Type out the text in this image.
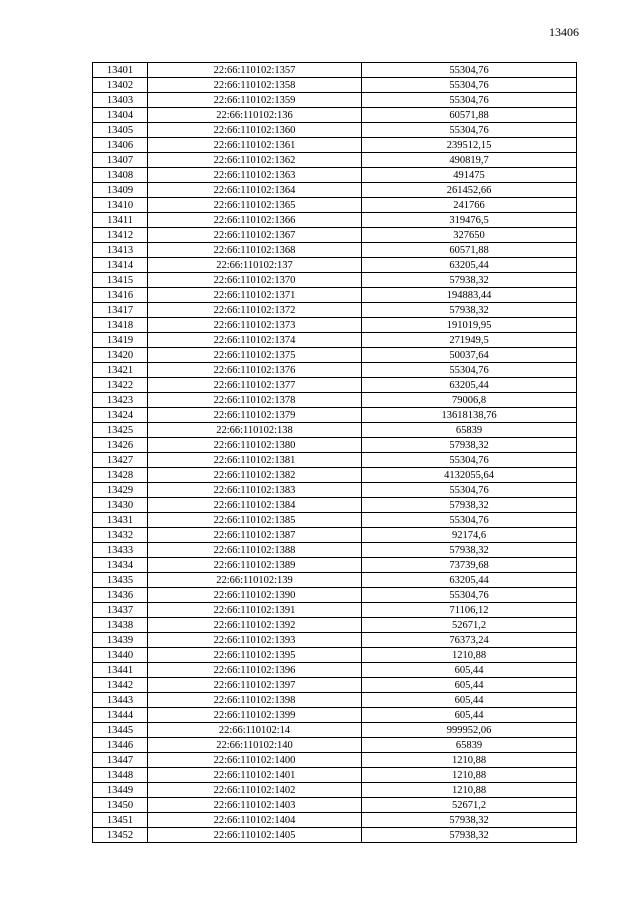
13406
13401	22:66:110102:1357	55304,76
13402	22:66:110102:1358	55304,76
13403	22:66:110102:1359	55304,76
13404	22:66:110102:136	60571,88
13405	22:66:110102:1360	55304,76
13406	22:66:110102:1361	239512,15
13407	22:66:110102:1362	490819,7
13408	22:66:110102:1363	491475
13409	22:66:110102:1364	261452,66
13410	22:66:110102:1365	241766
13411	22:66:110102:1366	319476,5
13412	22:66:110102:1367	327650
13413	22:66:110102:1368	60571,88
13414	22:66:110102:137	63205,44
13415	22:66:110102:1370	57938,32
13416	22:66:110102:1371	194883,44
13417	22:66:110102:1372	57938,32
13418	22:66:110102:1373	191019,95
13419	22:66:110102:1374	271949,5
13420	22:66:110102:1375	50037,64
13421	22:66:110102:1376	55304,76
13422	22:66:110102:1377	63205,44
13423	22:66:110102:1378	79006,8
13424	22:66:110102:1379	13618138,76
13425	22:66:110102:138	65839
13426	22:66:110102:1380	57938,32
13427	22:66:110102:1381	55304,76
13428	22:66:110102:1382	4132055,64
13429	22:66:110102:1383	55304,76
13430	22:66:110102:1384	57938,32
13431	22:66:110102:1385	55304,76
13432	22:66:110102:1387	92174,6
13433	22:66:110102:1388	57938,32
13434	22:66:110102:1389	73739,68
13435	22:66:110102:139	63205,44
13436	22:66:110102:1390	55304,76
13437	22:66:110102:1391	71106,12
13438	22:66:110102:1392	52671,2
13439	22:66:110102:1393	76373,24
13440	22:66:110102:1395	1210,88
13441	22:66:110102:1396	605,44
13442	22:66:110102:1397	605,44
13443	22:66:110102:1398	605,44
13444	22:66:110102:1399	605,44
13445	22:66:110102:14	999952,06
13446	22:66:110102:140	65839
13447	22:66:110102:1400	1210,88
13448	22:66:110102:1401	1210,88
13449	22:66:110102:1402	1210,88
13450	22:66:110102:1403	52671,2
13451	22:66:110102:1404	57938,32
13452	22:66:110102:1405	57938,32
